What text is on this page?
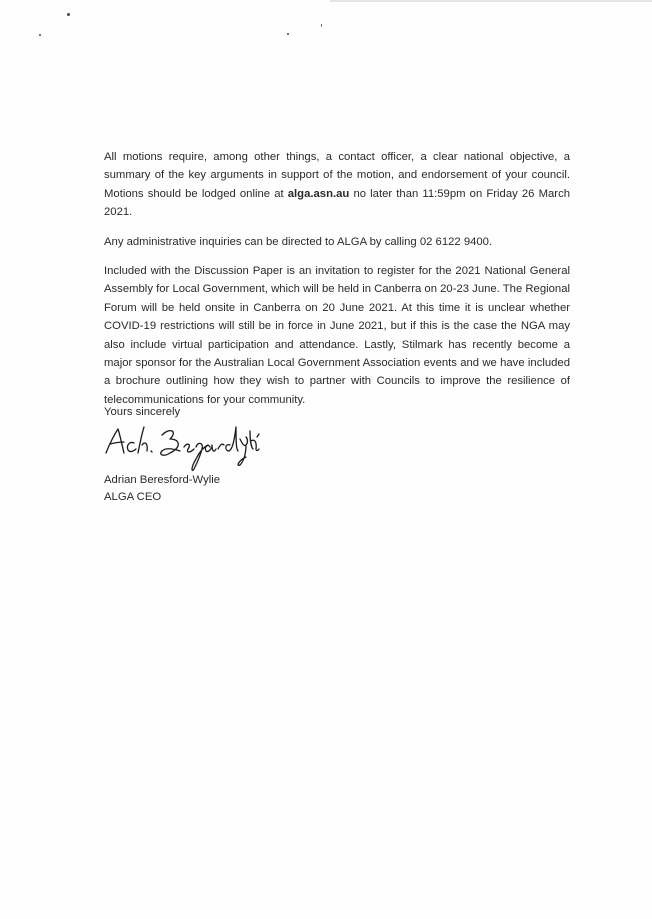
All motions require, among other things, a contact officer, a clear national objective, a summary of the key arguments in support of the motion, and endorsement of your council. Motions should be lodged online at alga.asn.au no later than 11:59pm on Friday 26 March 2021.

Any administrative inquiries can be directed to ALGA by calling 02 6122 9400.

Included with the Discussion Paper is an invitation to register for the 2021 National General Assembly for Local Government, which will be held in Canberra on 20-23 June. The Regional Forum will be held onsite in Canberra on 20 June 2021. At this time it is unclear whether COVID-19 restrictions will still be in force in June 2021, but if this is the case the NGA may also include virtual participation and attendance. Lastly, Stilmark has recently become a major sponsor for the Australian Local Government Association events and we have included a brochure outlining how they wish to partner with Councils to improve the resilience of telecommunications for your community.

Yours sincerely
Adrian Beresford-Wylie
ALGA CEO
